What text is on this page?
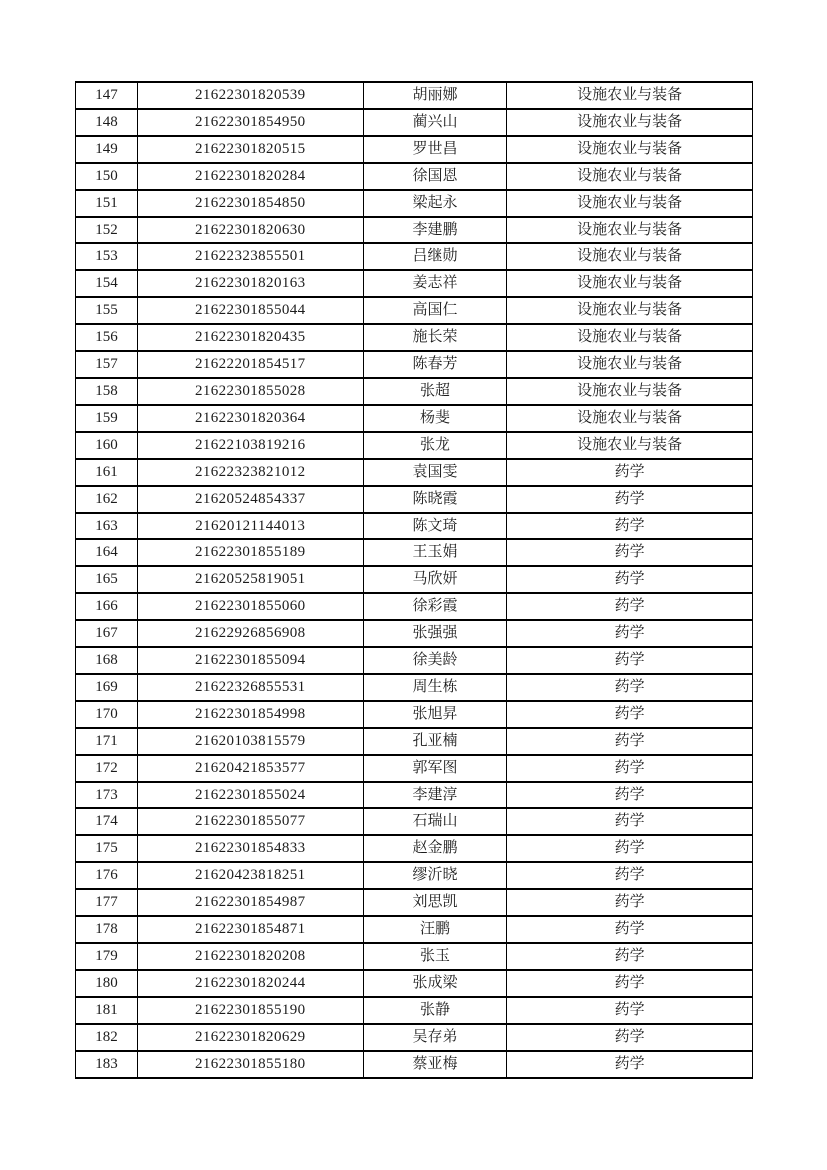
147	21622301820539	胡丽娜	设施农业与装备
148	21622301854950	蔺兴山	设施农业与装备
149	21622301820515	罗世昌	设施农业与装备
150	21622301820284	徐国恩	设施农业与装备
151	21622301854850	梁起永	设施农业与装备
152	21622301820630	李建鹏	设施农业与装备
153	21622323855501	吕继勋	设施农业与装备
154	21622301820163	姜志祥	设施农业与装备
155	21622301855044	高国仁	设施农业与装备
156	21622301820435	施长荣	设施农业与装备
157	21622201854517	陈春芳	设施农业与装备
158	21622301855028	张超	设施农业与装备
159	21622301820364	杨斐	设施农业与装备
160	21622103819216	张龙	设施农业与装备
161	21622323821012	袁国雯	药学
162	21620524854337	陈晓霞	药学
163	21620121144013	陈文琦	药学
164	21622301855189	王玉娟	药学
165	21620525819051	马欣妍	药学
166	21622301855060	徐彩霞	药学
167	21622926856908	张强强	药学
168	21622301855094	徐美龄	药学
169	21622326855531	周生栋	药学
170	21622301854998	张旭昇	药学
171	21620103815579	孔亚楠	药学
172	21620421853577	郭军图	药学
173	21622301855024	李建淳	药学
174	21622301855077	石瑞山	药学
175	21622301854833	赵金鹏	药学
176	21620423818251	缪沂晓	药学
177	21622301854987	刘思凯	药学
178	21622301854871	汪鹏	药学
179	21622301820208	张玉	药学
180	21622301820244	张成梁	药学
181	21622301855190	张静	药学
182	21622301820629	吴存弟	药学
183	21622301855180	蔡亚梅	药学
